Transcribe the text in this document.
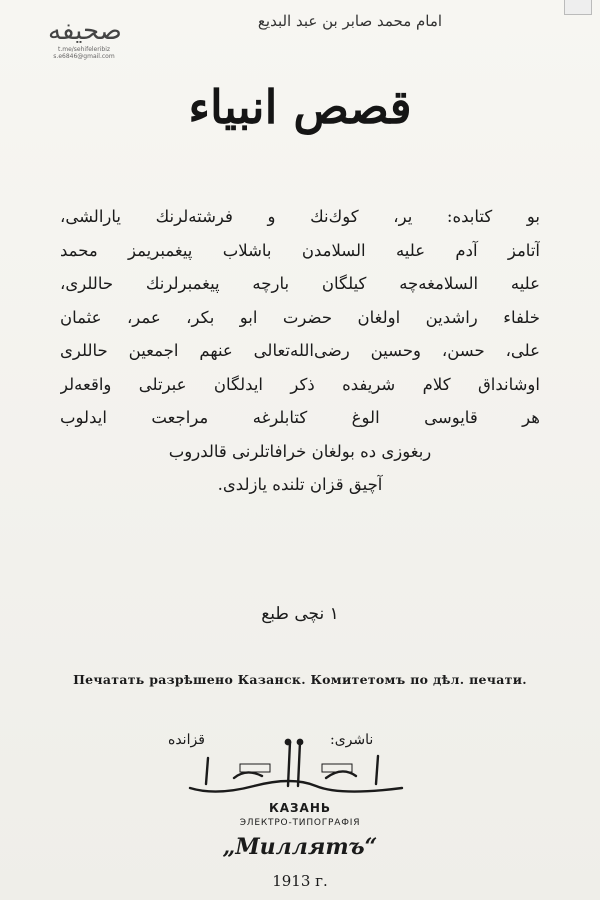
صحیفه
t.me/sehifeleribiz
s.e6846@gmail.com
امام محمد صابر بن عبد البدیع
قصص انبیاء
بو کتابده: یر، کوك‌نك و فرشته‌لرنك یارالشی،
آتامز آدم علیه السلامدن باشلاب پیغمبریمز محمد
علیه السلامغه‌چه کیلگان بارچه پیغمبرلرنك حاللری،
خلفاء راشدین اولغان حضرت ابو بکر، عمر، عثمان
علی، حسن، وحسین رضی‌الله‌تعالی عنهم اجمعین حاللری
اوشانداق کلام شریفده ذکر ایدلگان عبرتلی واقعه‌لر
هر قایوسی الوغ کتابلرغه مراجعت ایدلوب
ربغوزی ده بولغان خرافاتلرنی قالدروب
آچیق قزان تلنده یازلدی.
۱ نچی طبع
Печатать разрѣшено Казанск. Комитетомъ по дѣл. печати.
قزانده	ناشری:
КАЗАНЬ
ЭЛЕКТРО-ТИПОГРАФІЯ
„Миллятъ“
1913 г.
